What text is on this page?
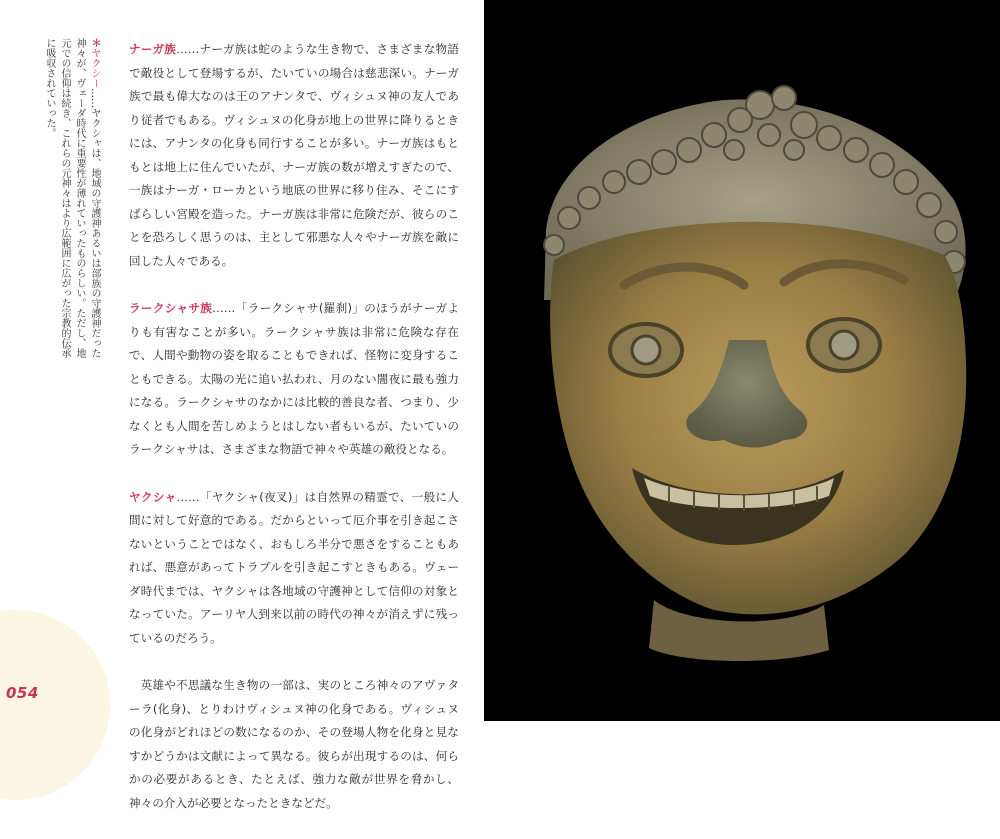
＊ヤクシー……ヤクシャは、地域の守護神あるいは部族の守護神だった神々が、ヴェーダ時代に重要性が薄れていったものらしい。ただし、地元での信仰は続き、これらの元神々はより広範囲に広がった宗教的伝承に吸収されていった。	ナーガ族……ナーガ族は蛇のような生き物で、さまざまな物語で敵役として登場するが、たいていの場合は慈悲深い。ナーガ族で最も偉大なのは王のアナンタで、ヴィシュヌ神の友人であり従者でもある。ヴィシュヌの化身が地上の世界に降りるときには、アナンタの化身も同行することが多い。ナーガ族はもともとは地上に住んでいたが、ナーガ族の数が増えすぎたので、一族はナーガ・ローカという地底の世界に移り住み、そこにすばらしい宮殿を造った。ナーガ族は非常に危険だが、彼らのことを恐ろしく思うのは、主として邪悪な人々やナーガ族を敵に回した人々である。

ラークシャサ族……「ラークシャサ(羅刹)」のほうがナーガよりも有害なことが多い。ラークシャサ族は非常に危険な存在で、人間や動物の姿を取ることもできれば、怪物に変身することもできる。太陽の光に追い払われ、月のない闇夜に最も強力になる。ラークシャサのなかには比較的善良な者、つまり、少なくとも人間を苦しめようとはしない者もいるが、たいていのラークシャサは、さまざまな物語で神々や英雄の敵役となる。

ヤクシャ……「ヤクシャ(夜叉)」は自然界の精霊で、一般に人間に対して好意的である。だからといって厄介事を引き起こさないということではなく、おもしろ半分で悪さをすることもあれば、悪意があってトラブルを引き起こすときもある。ヴェーダ時代までは、ヤクシャは各地域の守護神として信仰の対象となっていた。アーリヤ人到来以前の時代の神々が消えずに残っているのだろう。

英雄や不思議な生き物の一部は、実のところ神々のアヴァターラ(化身)、とりわけヴィシュヌ神の化身である。ヴィシュヌの化身がどれほどの数になるのか、その登場人物を化身と見なすかどうかは文献によって異なる。彼らが出現するのは、何らかの必要があるとき、たとえば、強力な敵が世界を脅かし、神々の介入が必要となったときなどだ。

054
